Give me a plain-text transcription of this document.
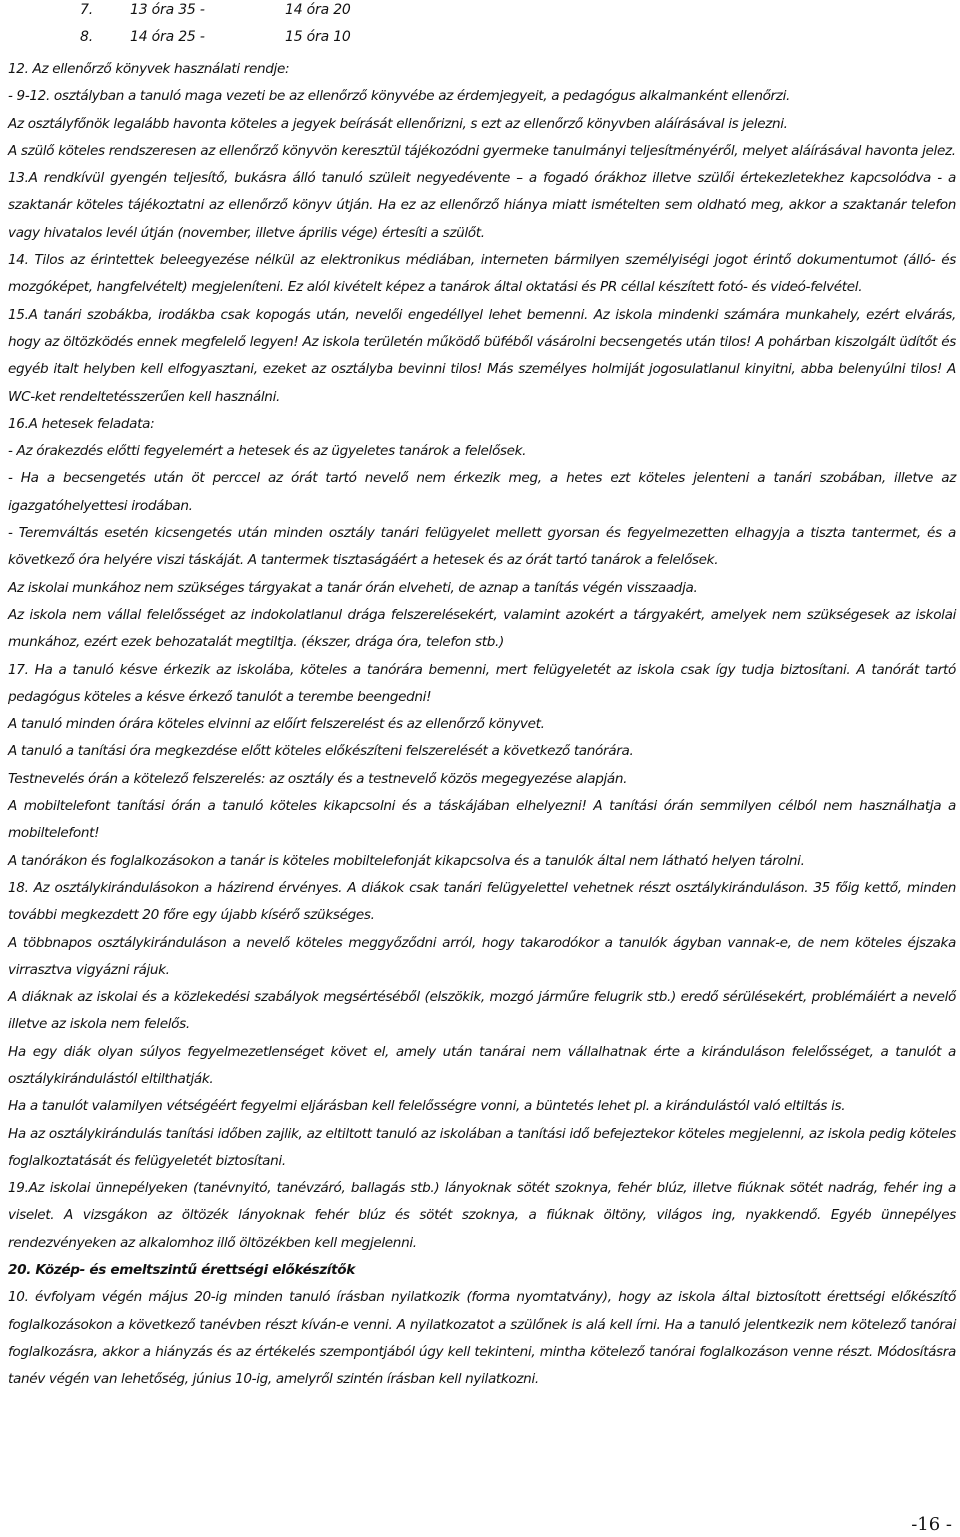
7.	13 óra 35 -	14 óra 20
8.	14 óra 25 -	15 óra 10

12. Az ellenőrző könyvek használati rendje:

- 9-12. osztályban a tanuló maga vezeti be az ellenőrző könyvébe az érdemjegyeit, a pedagógus alkalmanként ellenőrzi.

Az osztályfőnök legalább havonta köteles a jegyek beírását ellenőrizni, s ezt az ellenőrző könyvben aláírásával is jelezni.

A szülő köteles rendszeresen az ellenőrző könyvön keresztül tájékozódni gyermeke tanulmányi teljesítményéről, melyet aláírásával havonta jelez.

13.A rendkívül gyengén teljesítő, bukásra álló tanuló szüleit negyedévente – a fogadó órákhoz illetve szülői értekezletekhez kapcsolódva - a szaktanár köteles tájékoztatni az ellenőrző könyv útján. Ha ez az ellenőrző hiánya miatt ismételten sem oldható meg, akkor a szaktanár telefon vagy hivatalos levél útján (november, illetve április vége) értesíti a szülőt.

14. Tilos az érintettek beleegyezése nélkül az elektronikus médiában, interneten bármilyen személyiségi jogot érintő dokumentumot (álló- és mozgóképet, hangfelvételt) megjeleníteni. Ez alól kivételt képez a tanárok által oktatási és PR céllal készített fotó- és videó-felvétel.

15.A tanári szobákba, irodákba csak kopogás után, nevelői engedéllyel lehet bemenni. Az iskola mindenki számára munkahely, ezért elvárás, hogy az öltözködés ennek megfelelő legyen! Az iskola területén működő büféből vásárolni becsengetés után tilos! A pohárban kiszolgált üdítőt és egyéb italt helyben kell elfogyasztani, ezeket az osztályba bevinni tilos! Más személyes holmiját jogosulatlanul kinyitni, abba belenyúlni tilos! A WC-ket rendeltetésszerűen kell használni.

16.A hetesek feladata:

- Az órakezdés előtti fegyelemért a hetesek és az ügyeletes tanárok a felelősek.

- Ha a becsengetés után öt perccel az órát tartó nevelő nem érkezik meg, a hetes ezt köteles jelenteni a tanári szobában, illetve az igazgatóhelyettesi irodában.

- Teremváltás esetén kicsengetés után minden osztály tanári felügyelet mellett gyorsan és fegyelmezetten elhagyja a tiszta tantermet, és a következő óra helyére viszi táskáját. A tantermek tisztaságáért a hetesek és az órát tartó tanárok a felelősek.

Az iskolai munkához nem szükséges tárgyakat a tanár órán elveheti, de aznap a tanítás végén visszaadja.

Az iskola nem vállal felelősséget az indokolatlanul drága felszerelésekért, valamint azokért a tárgyakért, amelyek nem szükségesek az iskolai munkához, ezért ezek behozatalát megtiltja. (ékszer, drága óra, telefon stb.)

17. Ha a tanuló késve érkezik az iskolába, köteles a tanórára bemenni, mert felügyeletét az iskola csak így tudja biztosítani. A tanórát tartó pedagógus köteles a késve érkező tanulót a terembe beengedni!

A tanuló minden órára köteles elvinni az előírt felszerelést és az ellenőrző könyvet.

A tanuló a tanítási óra megkezdése előtt köteles előkészíteni felszerelését a következő tanórára.

Testnevelés órán a kötelező felszerelés: az osztály és a testnevelő közös megegyezése alapján.

A mobiltelefont tanítási órán a tanuló köteles kikapcsolni és a táskájában elhelyezni! A tanítási órán semmilyen célból nem használhatja a mobiltelefont!

A tanórákon és foglalkozásokon a tanár is köteles mobiltelefonját kikapcsolva és a tanulók által nem látható helyen tárolni.

18. Az osztálykirándulásokon a házirend érvényes. A diákok csak tanári felügyelettel vehetnek részt osztálykiránduláson. 35 főig kettő, minden további megkezdett 20 főre egy újabb kísérő szükséges.

A többnapos osztálykiránduláson a nevelő köteles meggyőződni arról, hogy takarodókor a tanulók ágyban vannak-e, de nem köteles éjszaka virrasztva vigyázni rájuk.

A diáknak az iskolai és a közlekedési szabályok megsértéséből (elszökik, mozgó járműre felugrik stb.) eredő sérülésekért, problémáiért a nevelő illetve az iskola nem felelős.

Ha egy diák olyan súlyos fegyelmezetlenséget követ el, amely után tanárai nem vállalhatnak érte a kiránduláson felelősséget, a tanulót a osztálykirándulástól eltilthatják.

Ha a tanulót valamilyen vétségéért fegyelmi eljárásban kell felelősségre vonni, a büntetés lehet pl. a kirándulástól való eltiltás is.

Ha az osztálykirándulás tanítási időben zajlik, az eltiltott tanuló az iskolában a tanítási idő befejeztekor köteles megjelenni, az iskola pedig köteles foglalkoztatását és felügyeletét biztosítani.

19.Az iskolai ünnepélyeken (tanévnyitó, tanévzáró, ballagás stb.) lányoknak sötét szoknya, fehér blúz, illetve fiúknak sötét nadrág, fehér ing a viselet. A vizsgákon az öltözék lányoknak fehér blúz és sötét szoknya, a fiúknak öltöny, világos ing, nyakkendő. Egyéb ünnepélyes rendezvényeken az alkalomhoz illő öltözékben kell megjelenni.

20. Közép- és emeltszintű érettségi előkészítők

10. évfolyam végén május 20-ig minden tanuló írásban nyilatkozik (forma nyomtatvány), hogy az iskola által biztosított érettségi előkészítő foglalkozásokon a következő tanévben részt kíván-e venni. A nyilatkozatot a szülőnek is alá kell írni. Ha a tanuló jelentkezik nem kötelező tanórai foglalkozásra, akkor a hiányzás és az értékelés szempontjából úgy kell tekinteni, mintha kötelező tanórai foglalkozáson venne részt. Módosításra tanév végén van lehetőség, június 10-ig, amelyről szintén írásban kell nyilatkozni.

-16 -
